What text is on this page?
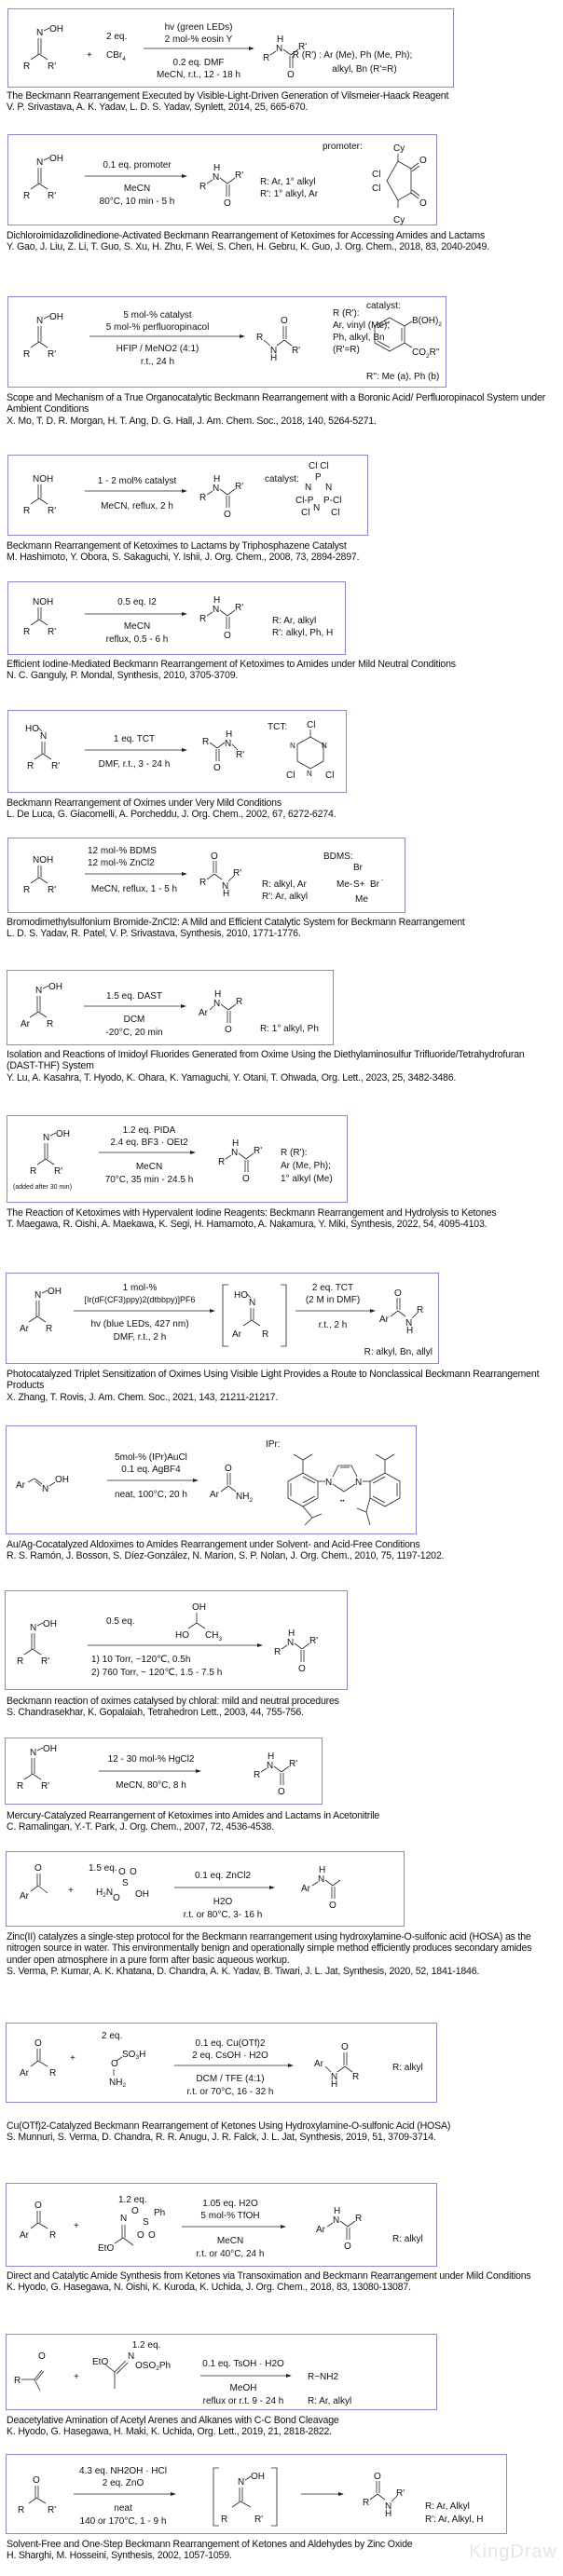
N OH
R R'
+
2 eq.
CBr$_4$
hv (green LEDs)
2 mol-% eosin Y
0.2 eq. DMF
MeCN, r.t., 12 - 18 h
R
N
H
R'
O
R (R') : Ar (Me), Ph (Me, Ph);
alkyl, Bn (R'=R)
The Beckmann Rearrangement Executed by Visible-Light-Driven Generation of Vilsmeier-Haack Reagent
V. P. Srivastava, A. K. Yadav, L. D. S. Yadav, Synlett, 2014, 25, 665-670.
N OH
R R'
0.1 eq. promoter
MeCN
80°C, 10 min - 5 h
R
N
H
R'
O
R: Ar, 1° alkyl
R': 1° alkyl, Ar
promoter:	Cy
Cy
O
O
Cl
Cl
Dichloroimidazolidinedione-Activated Beckmann Rearrangement of Ketoximes for Accessing Amides and Lactams
Y. Gao, J. Liu, Z. Li, T. Guo, S. Xu, H. Zhu, F. Wei, S. Chen, H. Gebru, K. Guo, J. Org. Chem., 2018, 83, 2040-2049.
N OH
R R'
5 mol-% catalyst
5 mol-% perfluoropinacol
HFIP / MeNO2 (4:1)
r.t., 24 h
R
N
H
R'
O
R (R'):
Ar, vinyl (Me);
Ph, alkyl, Bn
(R'=R)
catalyst:
$B(OH)_2$
$CO_2R''$
R'': Me (a), Ph (b)
Scope and Mechanism of a True Organocatalytic Beckmann Rearrangement with a Boronic Acid/ Perfluoropinacol System under Ambient Conditions
X. Mo, T. D. R. Morgan, H. T. Ang, D. G. Hall, J. Am. Chem. Soc., 2018, 140, 5264-5271.
NOH
R R'
1 - 2 mol% catalyst
MeCN, reflux, 2 h
R
N
H
R'
O
catalyst:
Cl Cl
P
N N
Cl-P P-Cl
N
Cl Cl
Beckmann Rearrangement of Ketoximes to Lactams by Triphosphazene Catalyst
M. Hashimoto, Y. Obora, S. Sakaguchi, Y. Ishii, J. Org. Chem., 2008, 73, 2894-2897.
NOH
R R'
0.5 eq. I2
MeCN
reflux, 0.5 - 6 h
R
N
H
R'
O
R: Ar, alkyl
R': alkyl, Ph, H
Efficient Iodine-Mediated Beckmann Rearrangement of Ketoximes to Amides under Mild Neutral Conditions
N. C. Ganguly, P. Mondal, Synthesis, 2010, 3705-3709.
HO
N
R R'
1 eq. TCT
DMF, r.t., 3 - 24 h
R N
H
R'
O
TCT: Cl
N	N
N
Cl	Cl
Beckmann Rearrangement of Oximes under Very Mild Conditions
L. De Luca, G. Giacomelli, A. Porcheddu, J. Org. Chem., 2002, 67, 6272-6274.
NOH
R R'
12 mol-% BDMS
12 mol-% ZnCl2
MeCN, reflux, 1 - 5 h
R N
H
R'
O
R: alkyl, Ar
R': Ar, alkyl
BDMS:
Br
Me- S+ Br -
Me
Bromodimethylsulfonium Bromide-ZnCl2: A Mild and Efficient Catalytic System for Beckmann Rearrangement
L. D. S. Yadav, R. Patel, V. P. Srivastava, Synthesis, 2010, 1771-1776.
N OH
Ar R
1.5 eq. DAST
DCM
-20°C, 20 min
Ar
N
H
R
O	R: 1° alkyl, Ph
Isolation and Reactions of Imidoyl Fluorides Generated from Oxime Using the Diethylaminosulfur Trifluoride/Tetrahydrofuran (DAST-THF) System
Y. Lu, A. Kasahra, T. Hyodo, K. Ohara, K. Yamaguchi, Y. Otani, T. Ohwada, Org. Lett., 2023, 25, 3482-3486.
N OH
R R'
(added after 30 min)
1.2 eq. PIDA
2.4 eq. BF3 · OEt2
MeCN
70°C, 35 min - 24.5 h
R
N
H
R'
O
R (R'):
Ar (Me, Ph);
1° alkyl (Me)
The Reaction of Ketoximes with Hypervalent Iodine Reagents: Beckmann Rearrangement and Hydrolysis to Ketones
T. Maegawa, R. Oishi, A. Maekawa, K. Segi, H. Hamamoto, A. Nakamura, Y. Miki, Synthesis, 2022, 54, 4095-4103.
N OH
Ar R
1 mol-%
[Ir(dF(CF3)ppy)2(dtbbpy)]PF6
hv (blue LEDs, 427 nm)
DMF, r.t., 2 h
HO
N
Ar R
2 eq. TCT
(2 M in DMF)
r.t., 2 h
Ar N
H
R
O
R: alkyl, Bn, allyl
Photocatalyzed Triplet Sensitization of Oximes Using Visible Light Provides a Route to Nonclassical Beckmann Rearrangement Products
X. Zhang, T. Rovis, J. Am. Chem. Soc., 2021, 143, 21211-21217.
Ar N
OH
5mol-% (IPr)AuCl
0.1 eq. AgBF4
neat, 100°C, 20 h Ar $NH_2$
O
IPr:
N
••
N
Au/Ag-Cocatalyzed Aldoximes to Amides Rearrangement under Solvent- and Acid-Free Conditions
R. S. Ramón, J. Bosson, S. Díez-González, N. Marion, S. P. Nolan, J. Org. Chem., 2010, 75, 1197-1202.
N OH
R R'
0.5 eq.
OH
HO $CH_3$
1) 10 Torr, ~120℃, 0.5h
2) 760 Torr, ~ 120℃, 1.5 - 7.5 h
R
N
H
R'
O
Beckmann reaction of oximes catalysed by chloral: mild and neutral procedures
S. Chandrasekhar, K. Gopalaiah, Tetrahedron Lett., 2003, 44, 755-756.
N OH
R R'
12 - 30 mol-% HgCl2
MeCN, 80°C, 8 h
R
N
H
R'
O
Mercury-Catalyzed Rearrangement of Ketoximes into Amides and Lactams in Acetonitrile
C. Ramalingan, Y.-T. Park, J. Org. Chem., 2007, 72, 4536-4538.
O
Ar
+
1.5 eq. O O
S
$H_2N$
O OH
0.1 eq. ZnCl2
H2O
r.t. or 80°C, 3- 16 h
Ar
N
H
O
Zinc(II) catalyzes a single-step protocol for the Beckmann rearrangement using hydroxylamine-O-sulfonic acid (HOSA) as the nitrogen source in water. This environmentally benign and operationally simple method efficiently produces secondary amides under open atmosphere in a pure form after basic aqueous workup.
S. Verma, P. Kumar, A. K. Khatana, D. Chandra, A. K. Yadav, B. Tiwari, J. L. Jat, Synthesis, 2020, 52, 1841-1846.
O
Ar R
+
2 eq.
O
$SO_3H$
$NH_2$
0.1 eq. Cu(OTf)2
2 eq. CsOH · H2O
DCM / TFE (4:1)
r.t. or 70°C, 16 - 32 h
Ar
N
H
R
O
R: alkyl
Cu(OTf)2-Catalyzed Beckmann Rearrangement of Ketones Using Hydroxylamine-O-sulfonic Acid (HOSA)
S. Munnuri, S. Verma, D. Chandra, R. R. Anugu, J. R. Falck, J. L. Jat, Synthesis, 2019, 51, 3709-3714.
O
Ar R
+
1.2 eq.
N
O
S
Ph
O O
EtO
1.05 eq. H2O
5 mol-% TfOH
MeCN
r.t. or 40°C, 24 h
Ar
N
H
R
O
R: alkyl
Direct and Catalytic Amide Synthesis from Ketones via Transoximation and Beckmann Rearrangement under Mild Conditions
K. Hyodo, G. Hasegawa, N. Oishi, K. Kuroda, K. Uchida, J. Org. Chem., 2018, 83, 13080-13087.
O
R	+
1.2 eq.
EtO
N
$OSO_2Ph$	0.1 eq. TsOH · H2O
MeOH
reflux or r.t. 9 - 24 h
R−NH2
R: Ar, alkyl
Deacetylative Amination of Acetyl Arenes and Alkanes with C-C Bond Cleavage
K. Hyodo, G. Hasegawa, H. Maki, K. Uchida, Org. Lett., 2019, 21, 2818-2822.
O
R R'
4.3 eq. NH2OH · HCl
2 eq. ZnO
neat
140 or 170°C, 1 - 9 h
N
OH
R	R'
R N
H
R'
O
R: Ar, Alkyl
R': Ar, Alkyl, H
Solvent-Free and One-Step Beckmann Rearrangement of Ketones and Aldehydes by Zinc Oxide
H. Sharghi, M. Hosseini, Synthesis, 2002, 1057-1059.	KingDraw
